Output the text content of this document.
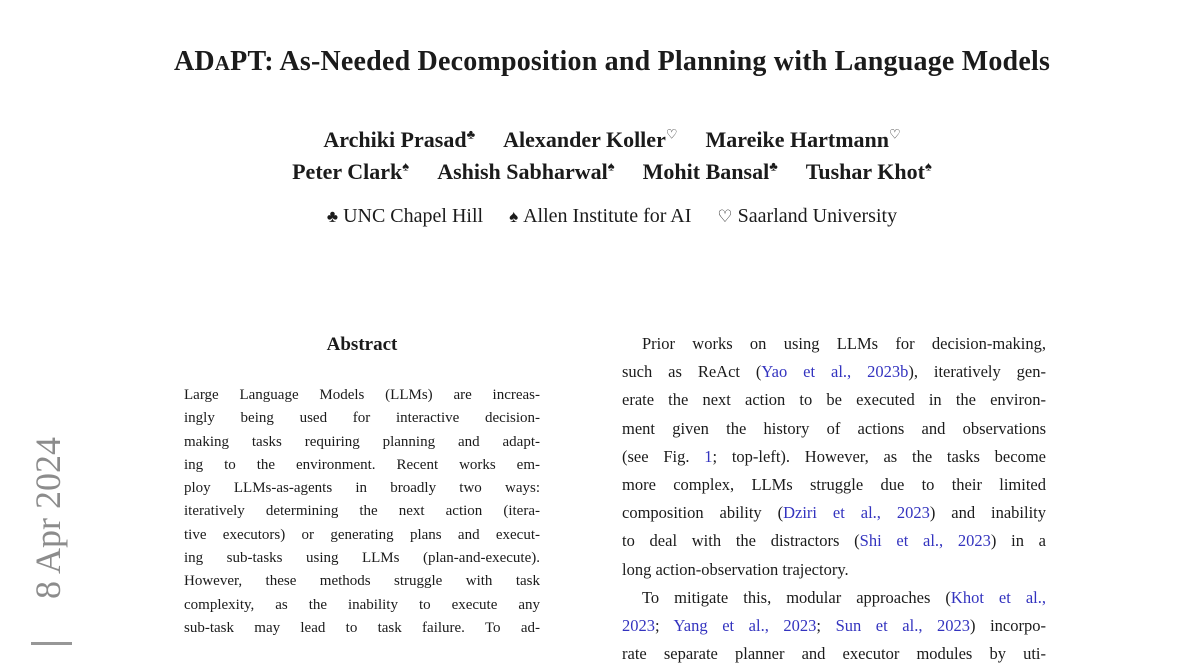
8 Apr 2024
ADAPT: As-Needed Decomposition and Planning with Language Models
Archiki Prasad♣ Alexander Koller♡ Mareike Hartmann♡
Peter Clark♠ Ashish Sabharwal♠ Mohit Bansal♣ Tushar Khot♠
♣ UNC Chapel Hill ♠ Allen Institute for AI ♡ Saarland University
Abstract
Large Language Models (LLMs) are increas-
ingly being used for interactive decision-
making tasks requiring planning and adapt-
ing to the environment. Recent works em-
ploy LLMs-as-agents in broadly two ways:
iteratively determining the next action (itera-
tive executors) or generating plans and execut-
ing sub-tasks using LLMs (plan-and-execute).
However, these methods struggle with task
complexity, as the inability to execute any
sub-task may lead to task failure. To ad-
Prior works on using LLMs for decision-making,
such as ReAct (Yao et al., 2023b), iteratively gen-
erate the next action to be executed in the environ-
ment given the history of actions and observations
(see Fig. 1; top-left). However, as the tasks become
more complex, LLMs struggle due to their limited
composition ability (Dziri et al., 2023) and inability
to deal with the distractors (Shi et al., 2023) in a
long action-observation trajectory.
To mitigate this, modular approaches (Khot et al.,
2023; Yang et al., 2023; Sun et al., 2023) incorpo-
rate separate planner and executor modules by uti-
